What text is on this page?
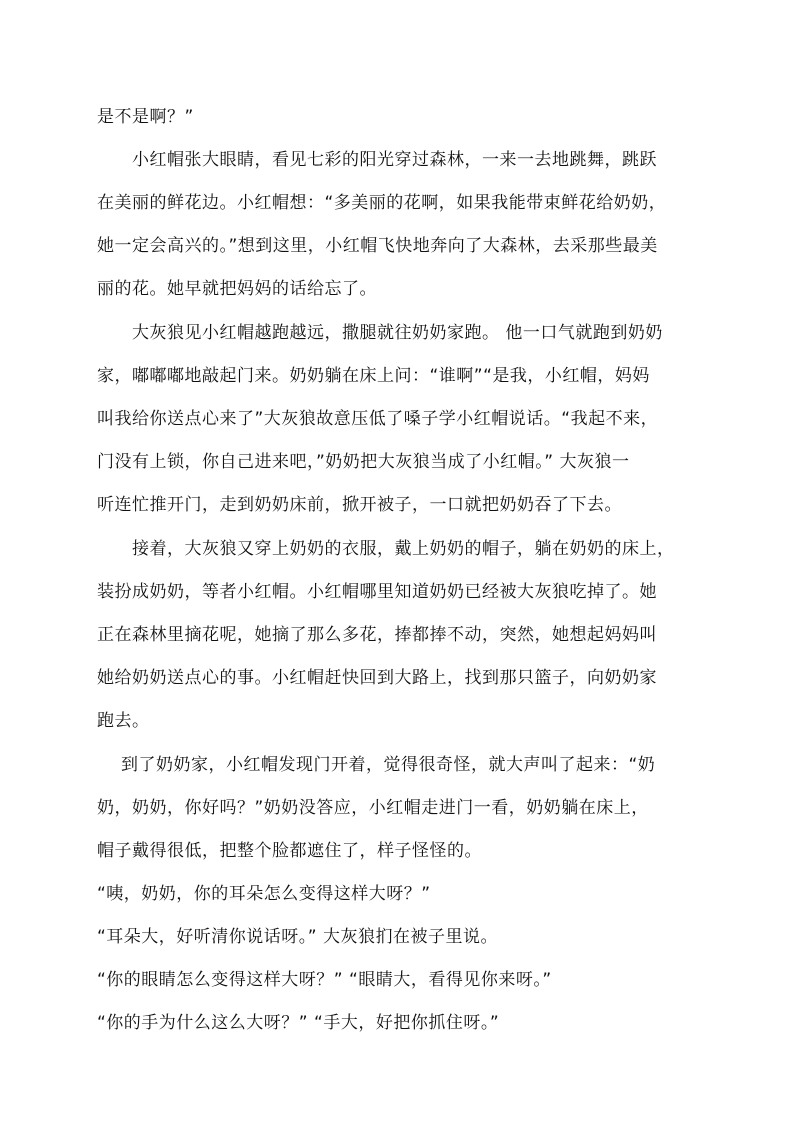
是不是啊？”
小红帽张大眼睛，看见七彩的阳光穿过森林，一来一去地跳舞，跳跃
在美丽的鲜花边。小红帽想：“多美丽的花啊，如果我能带束鲜花给奶奶，
她一定会高兴的。”想到这里，小红帽飞快地奔向了大森林，去采那些最美
丽的花。她早就把妈妈的话给忘了。
大灰狼见小红帽越跑越远，撒腿就往奶奶家跑。 他一口气就跑到奶奶
家，嘟嘟嘟地敲起门来。奶奶躺在床上问：“谁啊”“是我，小红帽，妈妈
叫我给你送点心来了”大灰狼故意压低了嗓子学小红帽说话。“我起不来，
门没有上锁，你自己进来吧，”奶奶把大灰狼当成了小红帽。” 大灰狼一
听连忙推开门，走到奶奶床前，掀开被子，一口就把奶奶吞了下去。
接着，大灰狼又穿上奶奶的衣服，戴上奶奶的帽子，躺在奶奶的床上，
装扮成奶奶，等者小红帽。小红帽哪里知道奶奶已经被大灰狼吃掉了。她
正在森林里摘花呢，她摘了那么多花，捧都捧不动，突然，她想起妈妈叫
她给奶奶送点心的事。小红帽赶快回到大路上，找到那只篮子，向奶奶家
跑去。
到了奶奶家，小红帽发现门开着，觉得很奇怪，就大声叫了起来：“奶
奶，奶奶，你好吗？”奶奶没答应，小红帽走进门一看，奶奶躺在床上，
帽子戴得很低，把整个脸都遮住了，样子怪怪的。
“咦，奶奶，你的耳朵怎么变得这样大呀？”
“耳朵大，好听清你说话呀。” 大灰狼扪在被子里说。
“你的眼睛怎么变得这样大呀？” “眼睛大，看得见你来呀。”
“你的手为什么这么大呀？” “手大，好把你抓住呀。”
